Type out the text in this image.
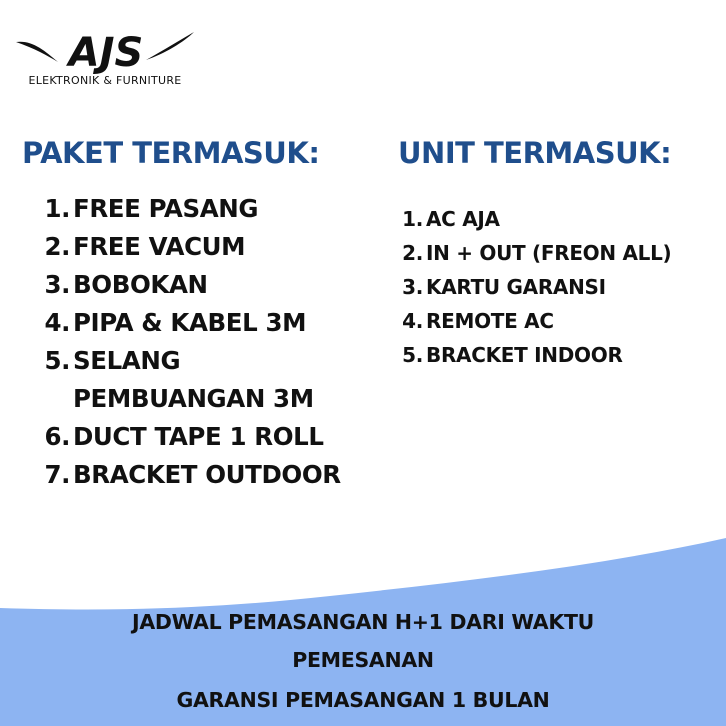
AJS
ELEKTRONIK & FURNITURE
PAKET TERMASUK:	UNIT TERMASUK:
1. FREE PASANG
2. FREE VACUM
3. BOBOKAN
4. PIPA & KABEL 3M
5. SELANG
PEMBUANGAN 3M
6. DUCT TAPE 1 ROLL
7. BRACKET OUTDOOR
1. AC AJA
2. IN + OUT (FREON ALL)
3. KARTU GARANSI
4. REMOTE AC
5. BRACKET INDOOR
JADWAL PEMASANGAN H+1 DARI WAKTU
PEMESANAN
GARANSI PEMASANGAN 1 BULAN
